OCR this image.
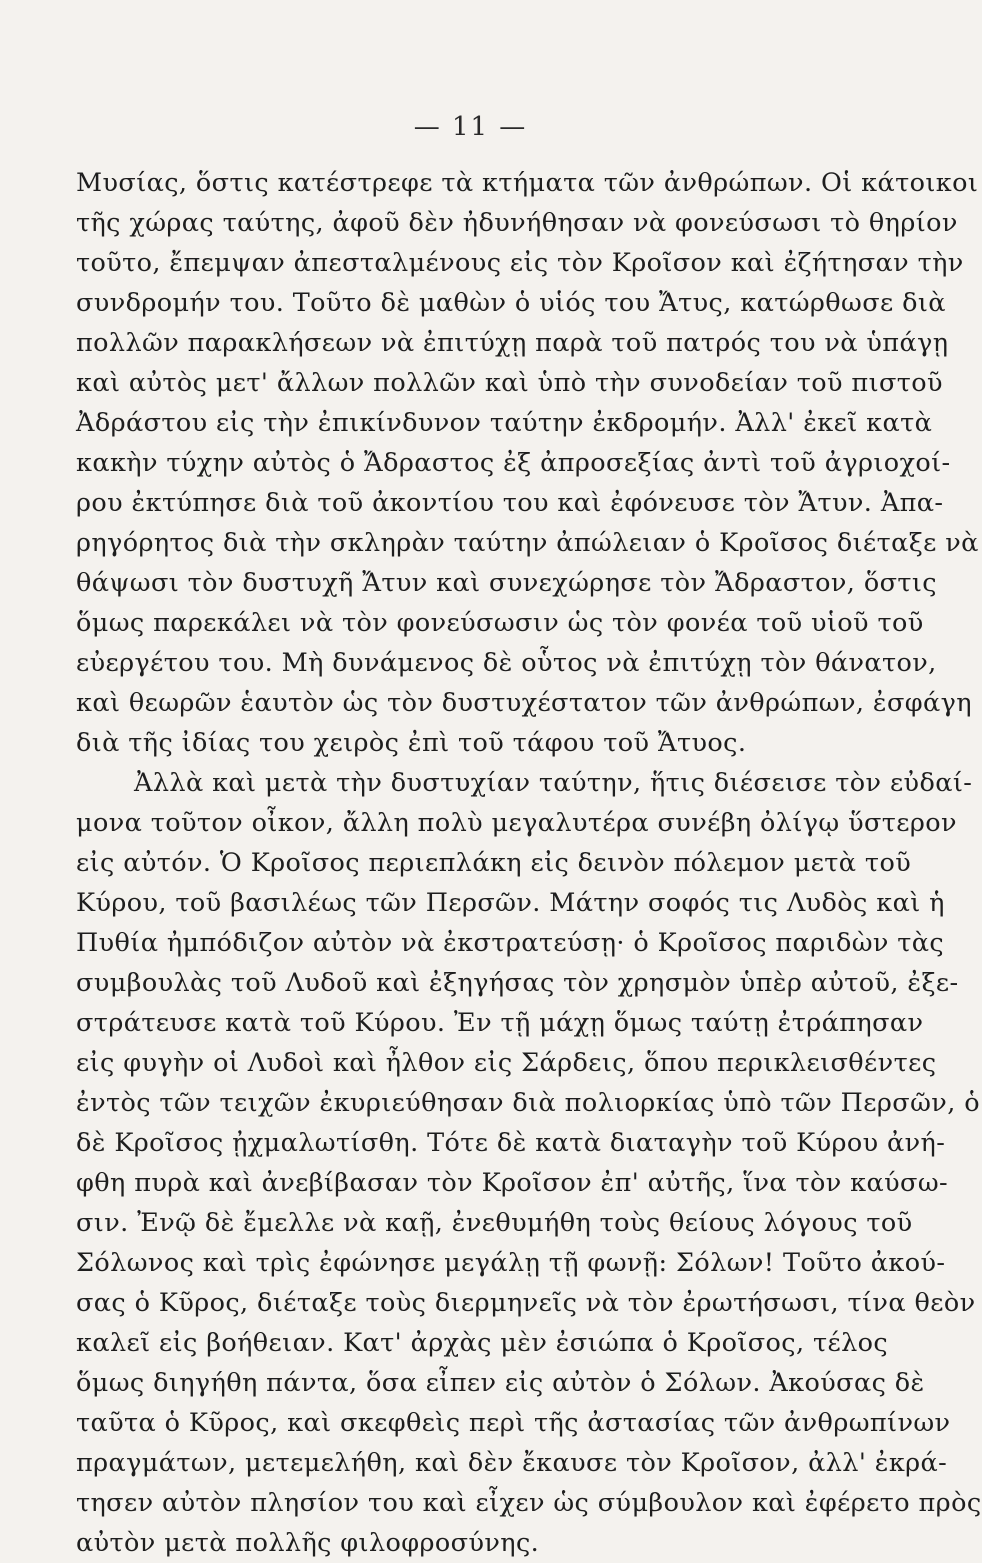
— 11 —
Μυσίας, ὅστις κατέστρεφε τὰ κτήματα τῶν ἀνθρώπων. Οἱ κάτοικοι
τῆς χώρας ταύτης, ἀφοῦ δὲν ἠδυνήθησαν νὰ φονεύσωσι τὸ θηρίον
τοῦτο, ἔπεμψαν ἀπεσταλμένους εἰς τὸν Κροῖσον καὶ ἐζήτησαν τὴν
συνδρομήν του. Τοῦτο δὲ μαθὼν ὁ υἱός του Ἄτυς, κατώρθωσε διὰ
πολλῶν παρακλήσεων νὰ ἐπιτύχῃ παρὰ τοῦ πατρός του νὰ ὑπάγῃ
καὶ αὐτὸς μετ' ἄλλων πολλῶν καὶ ὑπὸ τὴν συνοδείαν τοῦ πιστοῦ
Ἀδράστου εἰς τὴν ἐπικίνδυνον ταύτην ἐκδρομήν. Ἀλλ' ἐκεῖ κατὰ
κακὴν τύχην αὐτὸς ὁ Ἄδραστος ἐξ ἀπροσεξίας ἀντὶ τοῦ ἀγριοχοί-
ρου ἐκτύπησε διὰ τοῦ ἀκοντίου του καὶ ἐφόνευσε τὸν Ἄτυν. Ἀπα-
ρηγόρητος διὰ τὴν σκληρὰν ταύτην ἀπώλειαν ὁ Κροῖσος διέταξε νὰ
θάψωσι τὸν δυστυχῆ Ἄτυν καὶ συνεχώρησε τὸν Ἄδραστον, ὅστις
ὅμως παρεκάλει νὰ τὸν φονεύσωσιν ὡς τὸν φονέα τοῦ υἱοῦ τοῦ
εὐεργέτου του. Μὴ δυνάμενος δὲ οὗτος νὰ ἐπιτύχῃ τὸν θάνατον,
καὶ θεωρῶν ἑαυτὸν ὡς τὸν δυστυχέστατον τῶν ἀνθρώπων, ἐσφάγη
διὰ τῆς ἰδίας του χειρὸς ἐπὶ τοῦ τάφου τοῦ Ἄτυος.
Ἀλλὰ καὶ μετὰ τὴν δυστυχίαν ταύτην, ἥτις διέσεισε τὸν εὐδαί-
μονα τοῦτον οἶκον, ἄλλη πολὺ μεγαλυτέρα συνέβη ὀλίγῳ ὕστερον
εἰς αὐτόν. Ὁ Κροῖσος περιεπλάκη εἰς δεινὸν πόλεμον μετὰ τοῦ
Κύρου, τοῦ βασιλέως τῶν Περσῶν. Μάτην σοφός τις Λυδὸς καὶ ἡ
Πυθία ἠμπόδιζον αὐτὸν νὰ ἐκστρατεύσῃ· ὁ Κροῖσος παριδὼν τὰς
συμβουλὰς τοῦ Λυδοῦ καὶ ἐξηγήσας τὸν χρησμὸν ὑπὲρ αὐτοῦ, ἐξε-
στράτευσε κατὰ τοῦ Κύρου. Ἐν τῇ μάχῃ ὅμως ταύτῃ ἐτράπησαν
εἰς φυγὴν οἱ Λυδοὶ καὶ ἦλθον εἰς Σάρδεις, ὅπου περικλεισθέντες
ἐντὸς τῶν τειχῶν ἐκυριεύθησαν διὰ πολιορκίας ὑπὸ τῶν Περσῶν, ὁ
δὲ Κροῖσος ᾐχμαλωτίσθη. Τότε δὲ κατὰ διαταγὴν τοῦ Κύρου ἀνή-
φθη πυρὰ καὶ ἀνεβίβασαν τὸν Κροῖσον ἐπ' αὐτῆς, ἵνα τὸν καύσω-
σιν. Ἐνῷ δὲ ἔμελλε νὰ καῇ, ἐνεθυμήθη τοὺς θείους λόγους τοῦ
Σόλωνος καὶ τρὶς ἐφώνησε μεγάλῃ τῇ φωνῇ: Σόλων! Τοῦτο ἀκού-
σας ὁ Κῦρος, διέταξε τοὺς διερμηνεῖς νὰ τὸν ἐρωτήσωσι, τίνα θεὸν
καλεῖ εἰς βοήθειαν. Κατ' ἀρχὰς μὲν ἐσιώπα ὁ Κροῖσος, τέλος
ὅμως διηγήθη πάντα, ὅσα εἶπεν εἰς αὐτὸν ὁ Σόλων. Ἀκούσας δὲ
ταῦτα ὁ Κῦρος, καὶ σκεφθεὶς περὶ τῆς ἀστασίας τῶν ἀνθρωπίνων
πραγμάτων, μετεμελήθη, καὶ δὲν ἔκαυσε τὸν Κροῖσον, ἀλλ' ἐκρά-
τησεν αὐτὸν πλησίον του καὶ εἶχεν ὡς σύμβουλον καὶ ἐφέρετο πρὸς
αὐτὸν μετὰ πολλῆς φιλοφροσύνης.
